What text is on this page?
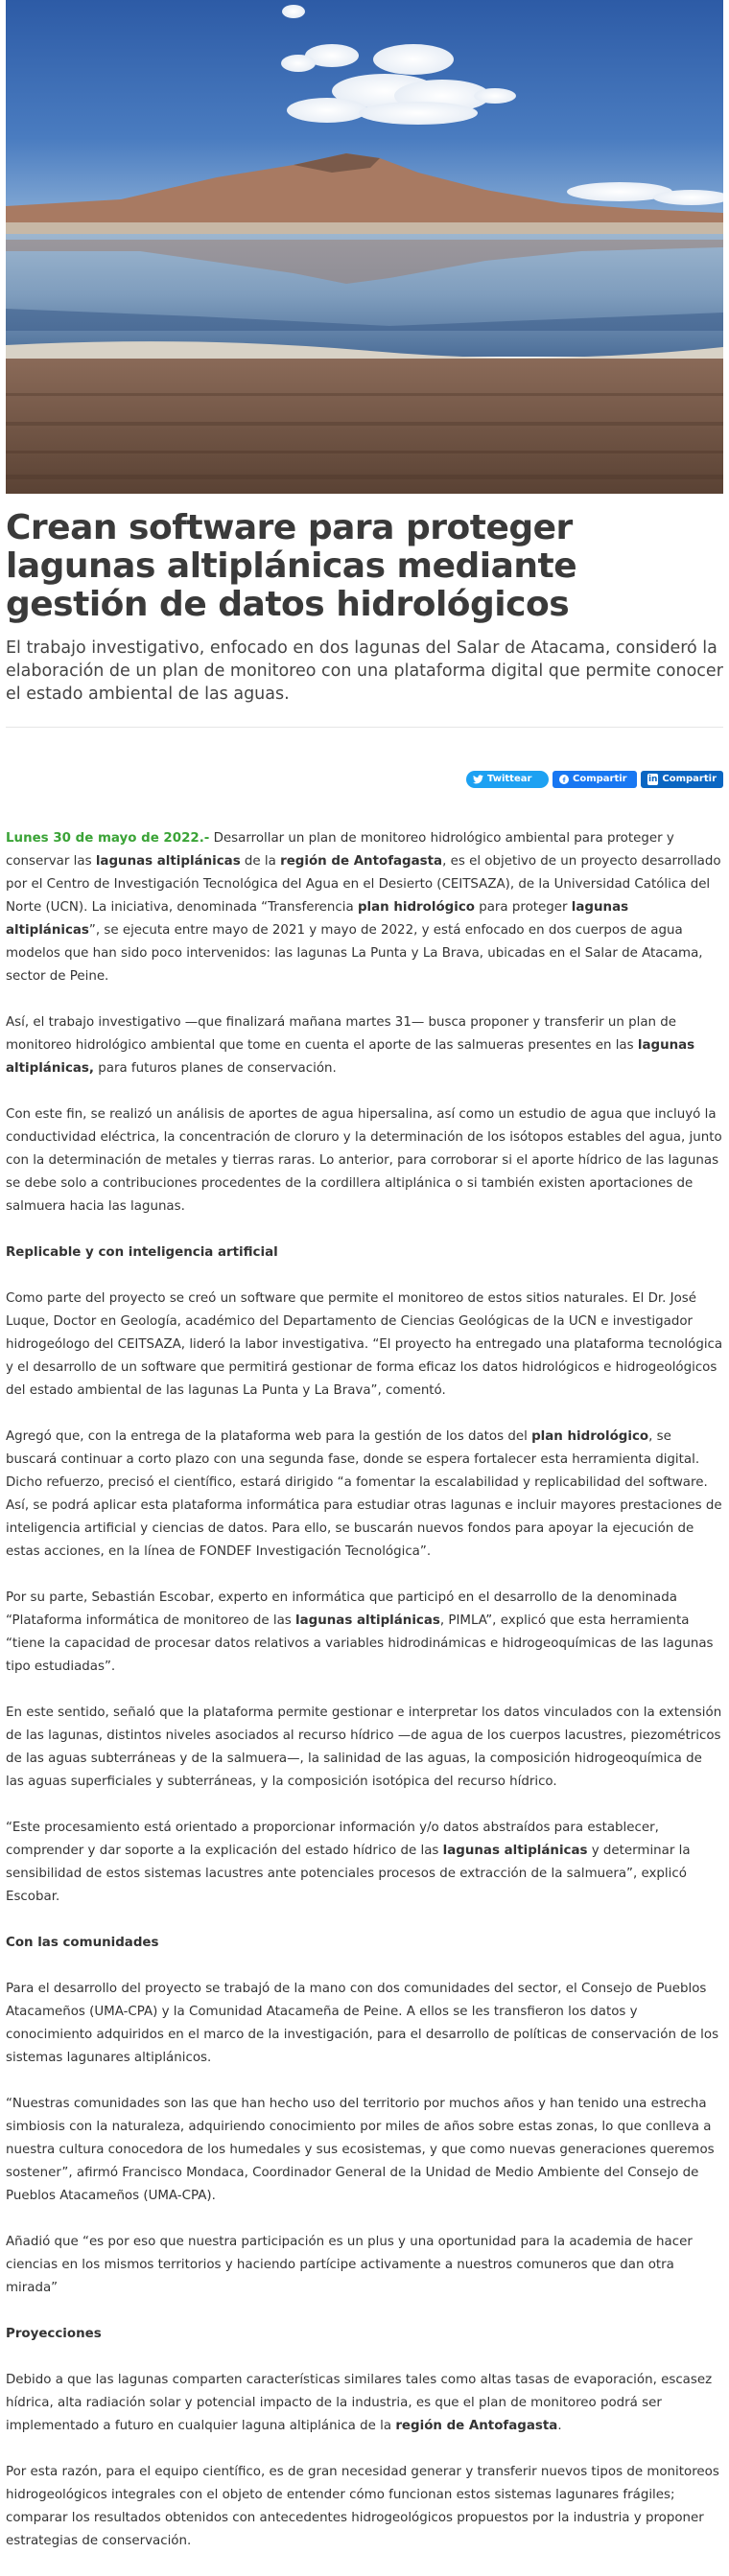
Crean software para proteger lagunas altiplánicas mediante gestión de datos hidrológicos

El trabajo investigativo, enfocado en dos lagunas del Salar de Atacama, consideró la elaboración de un plan de monitoreo con una plataforma digital que permite conocer el estado ambiental de las aguas.

Twittear	Compartir in Compartir

Lunes 30 de mayo de 2022.- Desarrollar un plan de monitoreo hidrológico ambiental para proteger y conservar las lagunas altiplánicas de la región de Antofagasta, es el objetivo de un proyecto desarrollado por el Centro de Investigación Tecnológica del Agua en el Desierto (CEITSAZA), de la Universidad Católica del Norte (UCN). La iniciativa, denominada “Transferencia plan hidrológico para proteger lagunas altiplánicas”, se ejecuta entre mayo de 2021 y mayo de 2022, y está enfocado en dos cuerpos de agua modelos que han sido poco intervenidos: las lagunas La Punta y La Brava, ubicadas en el Salar de Atacama, sector de Peine.

Así, el trabajo investigativo —que finalizará mañana martes 31— busca proponer y transferir un plan de monitoreo hidrológico ambiental que tome en cuenta el aporte de las salmueras presentes en las lagunas altiplánicas, para futuros planes de conservación.

Con este fin, se realizó un análisis de aportes de agua hipersalina, así como un estudio de agua que incluyó la conductividad eléctrica, la concentración de cloruro y la determinación de los isótopos estables del agua, junto con la determinación de metales y tierras raras. Lo anterior, para corroborar si el aporte hídrico de las lagunas se debe solo a contribuciones procedentes de la cordillera altiplánica o si también existen aportaciones de salmuera hacia las lagunas.

Replicable y con inteligencia artificial

Como parte del proyecto se creó un software que permite el monitoreo de estos sitios naturales. El Dr. José Luque, Doctor en Geología, académico del Departamento de Ciencias Geológicas de la UCN e investigador hidrogeólogo del CEITSAZA, lideró la labor investigativa. “El proyecto ha entregado una plataforma tecnológica y el desarrollo de un software que permitirá gestionar de forma eficaz los datos hidrológicos e hidrogeológicos del estado ambiental de las lagunas La Punta y La Brava”, comentó.

Agregó que, con la entrega de la plataforma web para la gestión de los datos del plan hidrológico, se buscará continuar a corto plazo con una segunda fase, donde se espera fortalecer esta herramienta digital. Dicho refuerzo, precisó el científico, estará dirigido “a fomentar la escalabilidad y replicabilidad del software. Así, se podrá aplicar esta plataforma informática para estudiar otras lagunas e incluir mayores prestaciones de inteligencia artificial y ciencias de datos. Para ello, se buscarán nuevos fondos para apoyar la ejecución de estas acciones, en la línea de FONDEF Investigación Tecnológica”.

Por su parte, Sebastián Escobar, experto en informática que participó en el desarrollo de la denominada “Plataforma informática de monitoreo de las lagunas altiplánicas, PIMLA”, explicó que esta herramienta “tiene la capacidad de procesar datos relativos a variables hidrodinámicas e hidrogeoquímicas de las lagunas tipo estudiadas”.

En este sentido, señaló que la plataforma permite gestionar e interpretar los datos vinculados con la extensión de las lagunas, distintos niveles asociados al recurso hídrico —de agua de los cuerpos lacustres, piezométricos de las aguas subterráneas y de la salmuera—, la salinidad de las aguas, la composición hidrogeoquímica de las aguas superficiales y subterráneas, y la composición isotópica del recurso hídrico.

“Este procesamiento está orientado a proporcionar información y/o datos abstraídos para establecer, comprender y dar soporte a la explicación del estado hídrico de las lagunas altiplánicas y determinar la sensibilidad de estos sistemas lacustres ante potenciales procesos de extracción de la salmuera”, explicó Escobar.

Con las comunidades

Para el desarrollo del proyecto se trabajó de la mano con dos comunidades del sector, el Consejo de Pueblos Atacameños (UMA-CPA) y la Comunidad Atacameña de Peine. A ellos se les transfieron los datos y conocimiento adquiridos en el marco de la investigación, para el desarrollo de políticas de conservación de los sistemas lagunares altiplánicos.

“Nuestras comunidades son las que han hecho uso del territorio por muchos años y han tenido una estrecha simbiosis con la naturaleza, adquiriendo conocimiento por miles de años sobre estas zonas, lo que conlleva a nuestra cultura conocedora de los humedales y sus ecosistemas, y que como nuevas generaciones queremos sostener”, afirmó Francisco Mondaca, Coordinador General de la Unidad de Medio Ambiente del Consejo de Pueblos Atacameños (UMA-CPA).

Añadió que “es por eso que nuestra participación es un plus y una oportunidad para la academia de hacer ciencias en los mismos territorios y haciendo partícipe activamente a nuestros comuneros que dan otra mirada”

Proyecciones

Debido a que las lagunas comparten características similares tales como altas tasas de evaporación, escasez hídrica, alta radiación solar y potencial impacto de la industria, es que el plan de monitoreo podrá ser implementado a futuro en cualquier laguna altiplánica de la región de Antofagasta.

Por esta razón, para el equipo científico, es de gran necesidad generar y transferir nuevos tipos de monitoreos hidrogeológicos integrales con el objeto de entender cómo funcionan estos sistemas lagunares frágiles; comparar los resultados obtenidos con antecedentes hidrogeológicos propuestos por la industria y proponer estrategias de conservación.
